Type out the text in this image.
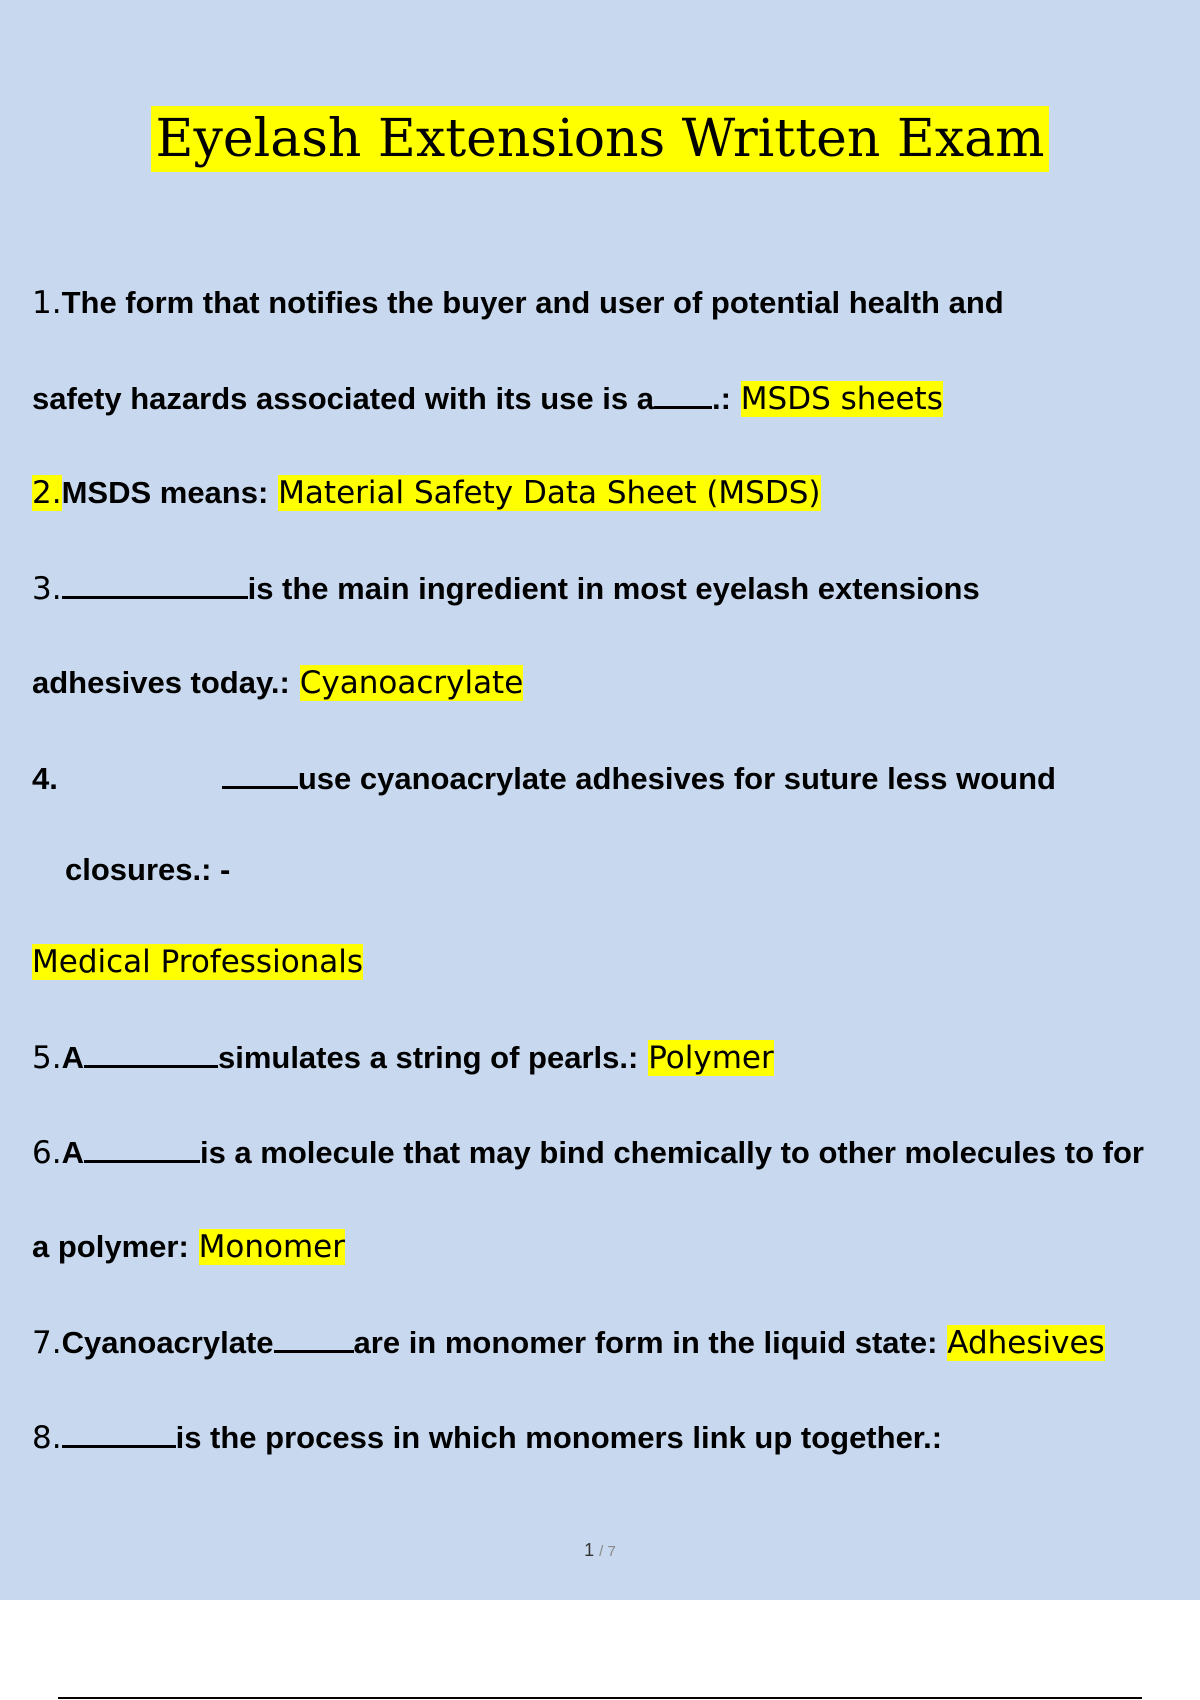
Eyelash Extensions Written Exam
1.The form that notifies the buyer and user of potential health and
safety hazards associated with its use is a .: MSDS sheets
2.MSDS means: Material Safety Data Sheet (MSDS)
3.	is the main ingredient in most eyelash extensions
adhesives today.: Cyanoacrylate
4.	use cyanoacrylate adhesives for suture less wound
closures.: -
Medical Professionals
5.A	simulates a string of pearls.: Polymer
6.A	is a molecule that may bind chemically to other molecules to for
a polymer: Monomer
7.Cyanoacrylate	are in monomer form in the liquid state: Adhesives
8.	is the process in which monomers link up together.:
1 / 7
